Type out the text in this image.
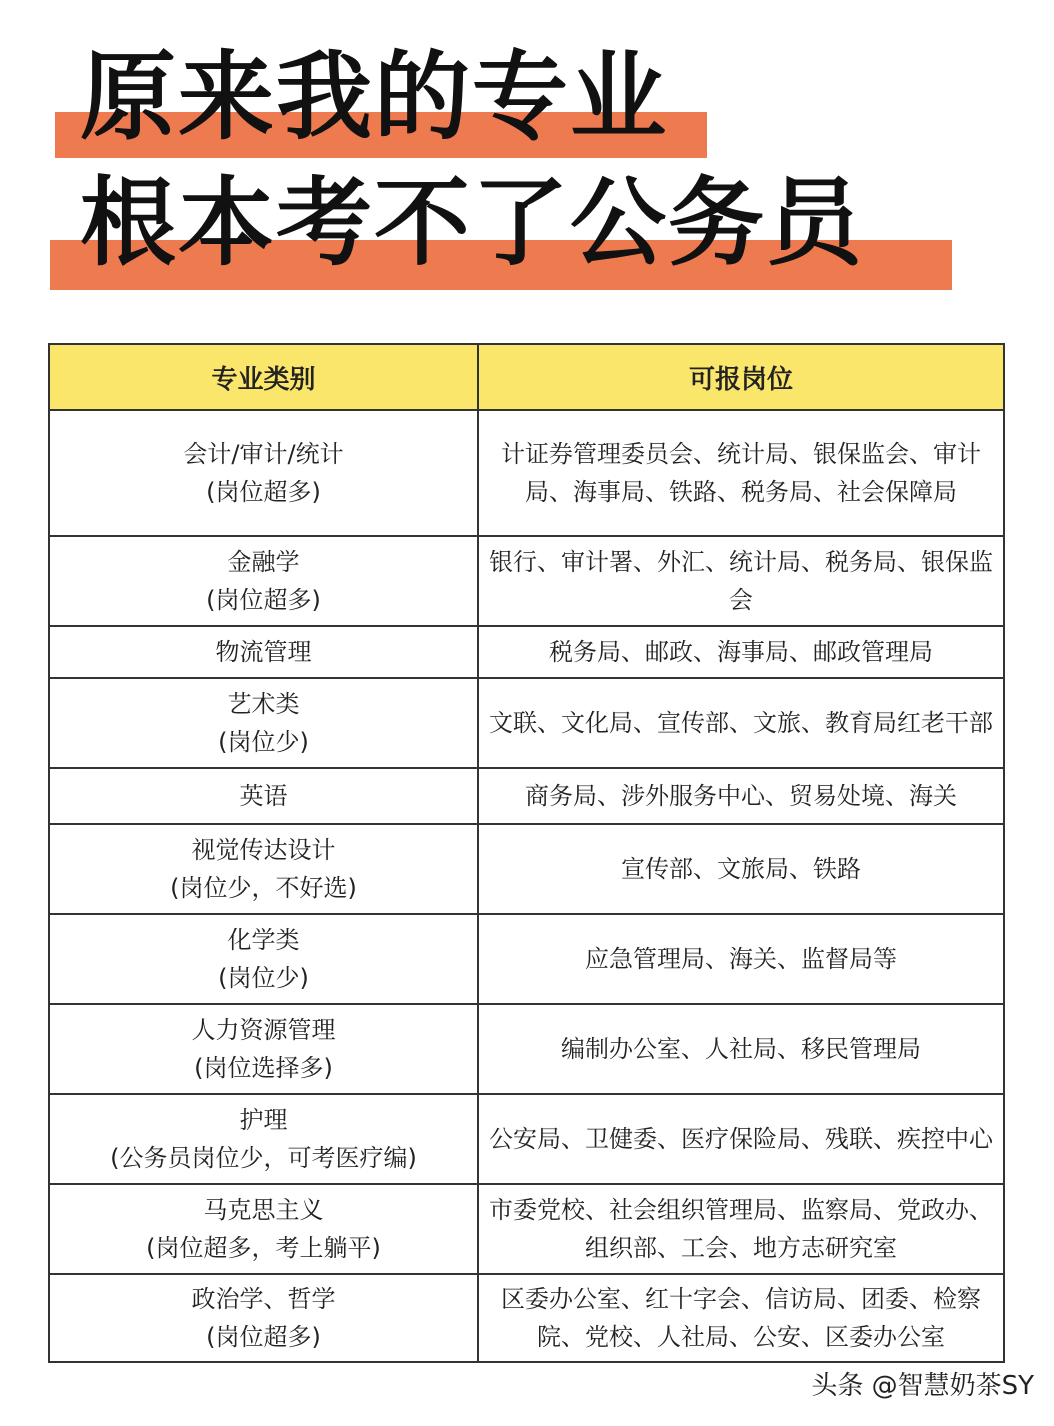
原来我的专业
根本考不了公务员
专业类别	可报岗位

会计/审计/统计
(岗位超多)	计证券管理委员会、统计局、银保监会、审计局、海事局、铁路、税务局、社会保障局

金融学
(岗位超多)	银行、审计署、外汇、统计局、税务局、银保监会

物流管理	税务局、邮政、海事局、邮政管理局

艺术类
(岗位少)	文联、文化局、宣传部、文旅、教育局红老干部

英语	商务局、涉外服务中心、贸易处境、海关

视觉传达设计
(岗位少，不好选)	宣传部、文旅局、铁路

化学类
(岗位少)	应急管理局、海关、监督局等

人力资源管理
(岗位选择多)	编制办公室、人社局、移民管理局

护理
(公务员岗位少，可考医疗编)	公安局、卫健委、医疗保险局、残联、疾控中心

马克思主义
(岗位超多，考上躺平)	市委党校、社会组织管理局、监察局、党政办、组织部、工会、地方志研究室

政治学、哲学
(岗位超多)	区委办公室、红十字会、信访局、团委、检察院、党校、人社局、公安、区委办公室
头条 @智慧奶茶SY
